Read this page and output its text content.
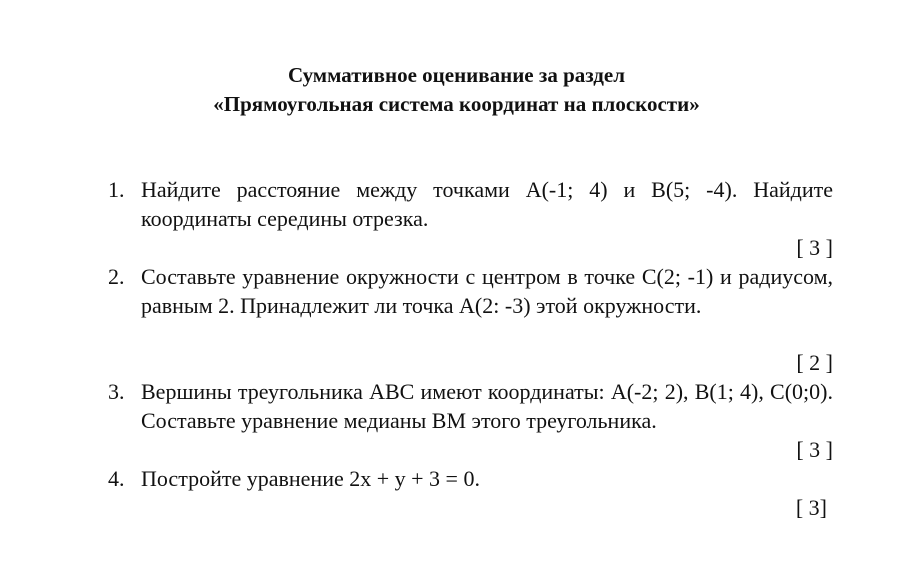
Суммативное оценивание за раздел
«Прямоугольная система координат на плоскости»
1. Найдите расстояние между точками A(-1; 4) и B(5; -4). Найдите координаты середины отрезка.
[ 3 ]
2. Составьте уравнение окружности с центром в точке C(2; -1) и радиусом, равным 2. Принадлежит ли точка A(2: -3) этой окружности.
[ 2 ]
3. Вершины треугольника ABC имеют координаты: A(-2; 2), B(1; 4), C(0;0). Составьте уравнение медианы BM этого треугольника.
[ 3 ]
4. Постройте уравнение 2x + y + 3 = 0.
[ 3]
